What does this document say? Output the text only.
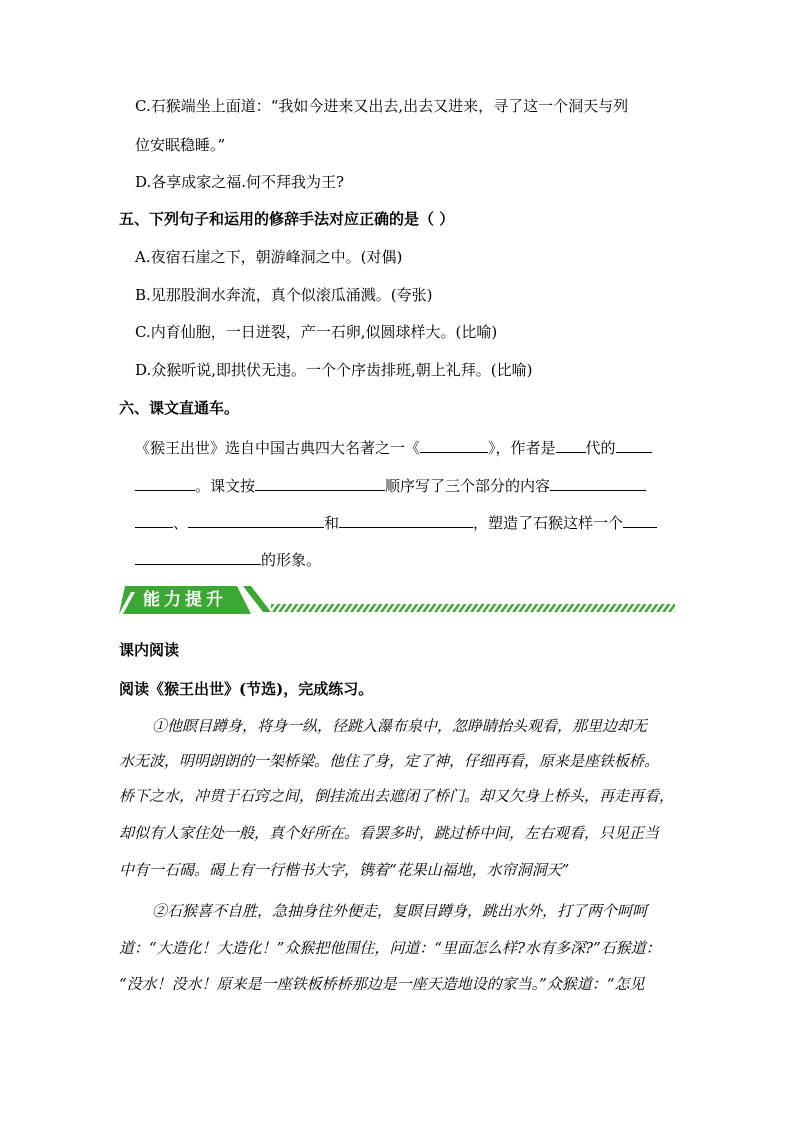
C.石猴端坐上面道：“我如今进来又出去,出去又进来，寻了这一个洞天与列
位安眠稳睡。”
D.各享成家之福.何不拜我为王?
五、下列句子和运用的修辞手法对应正确的是（ ）
A.夜宿石崖之下，朝游峰洞之中。(对偶)
B.见那股涧水奔流，真个似滚瓜涌溅。(夸张)
C.内育仙胞，一日迸裂，产一石卵,似圆球样大。(比喻)
D.众猴听说,即拱伏无违。一个个序齿排班,朝上礼拜。(比喻)
六、课文直通车。
《猴王出世》选自中国古典四大名著之一《	》，作者是 代的
。课文按	顺序写了三个部分的内容
、	和	，塑造了石猴这样一个
的形象。
能力提升
课内阅读
阅读《猴王出世》(节选)，完成练习。
①他瞑目蹲身，将身一纵，径跳入瀑布泉中，忽睁睛抬头观看，那里边却无
水无波，明明朗朗的一架桥梁。他住了身，定了神，仔细再看，原来是座铁板桥。
桥下之水，冲贯于石窍之间，倒挂流出去遮闭了桥门。却又欠身上桥头，再走再看，
却似有人家住处一般，真个好所在。看罢多时，跳过桥中间，左右观看，只见正当
中有一石碣。碣上有一行楷书大字，镌着“花果山福地，水帘洞洞天”
②石猴喜不自胜，急抽身往外便走，复瞑目蹲身，跳出水外，打了两个呵呵
道：“大造化！大造化！”众猴把他围住，问道：“里面怎么样?水有多深?”石猴道：
“没水！没水！原来是一座铁板桥桥那边是一座天造地设的家当。”众猴道：“怎见
